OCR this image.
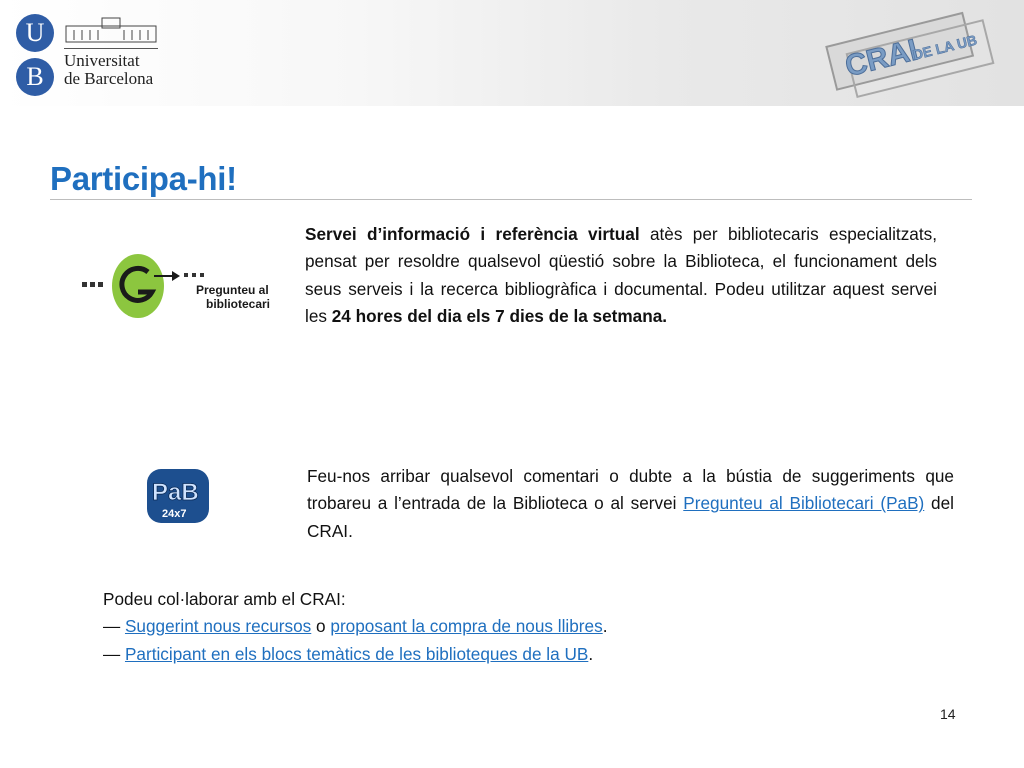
U
B
Universitat
de Barcelona	CRAI
DE LA UB
Participa-hi!
Pregunteu al
bibliotecari
Servei d’informació i referència virtual atès per bibliotecaris especialitzats, pensat per resoldre qualsevol qüestió sobre la Biblioteca, el funcionament dels seus serveis i la recerca bibliogràfica i documental. Podeu utilitzar aquest servei les 24 hores del dia els 7 dies de la setmana.
PaB
24x7
Feu-nos arribar qualsevol comentari o dubte a la bústia de suggeriments que trobareu a l’entrada de la Biblioteca o al servei Pregunteu al Bibliotecari (PaB) del CRAI.
Podeu col·laborar amb el CRAI:
— Suggerint nous recursos o proposant la compra de nous llibres.
— Participant en els blocs temàtics de les biblioteques de la UB.
14
